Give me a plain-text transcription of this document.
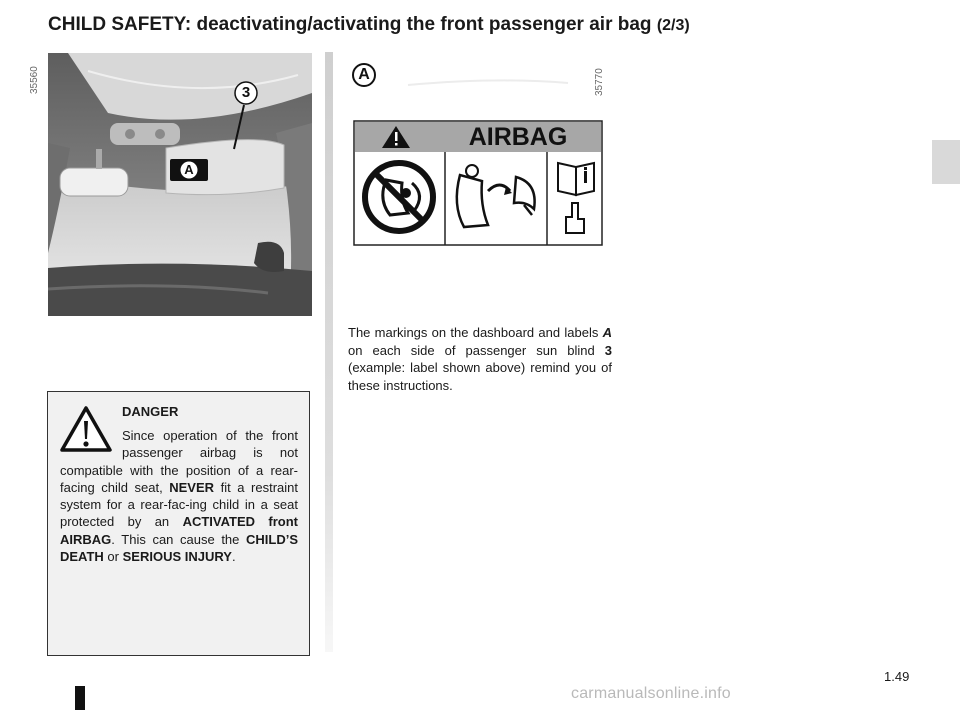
CHILD SAFETY: deactivating/activating the front passenger air bag (2/3)
35560	3
A
35770
A
AIRBAG

The markings on the dashboard and labels A on each side of passenger sun blind 3 (example: label shown above) remind you of these instructions.

DANGER

Since operation of the front passenger airbag is not compatible with the position of a rear-facing child seat, NEVER fit a restraint system for a rear-fac-ing child in a seat protected by an ACTIVATED front AIRBAG. This can cause the CHILD’S DEATH or SERIOUS INJURY.

1.49
carmanualsonline.info
